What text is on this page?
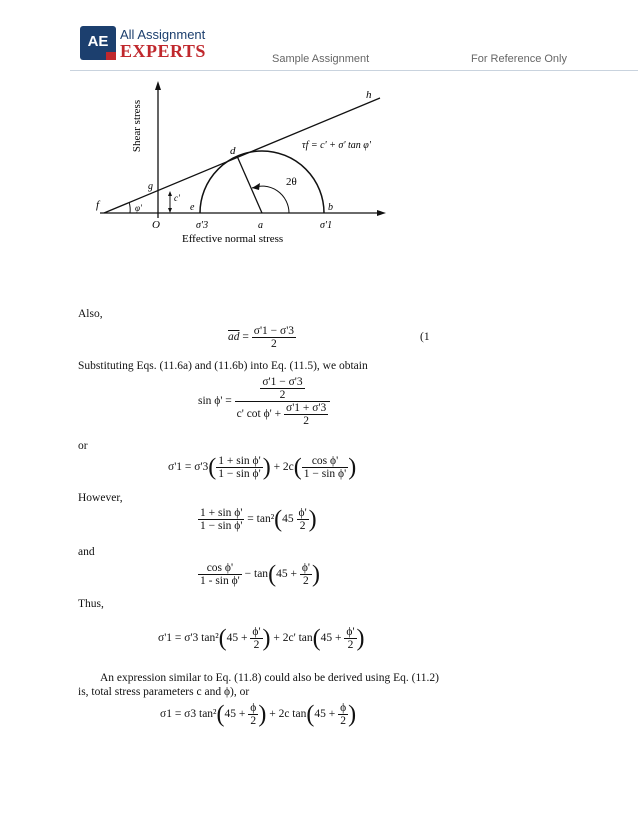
AE All Assignment
EXPERTS	Sample Assignment	For Reference Only
Shear stress
Effective normal stress
τf = c' + σ' tan φ'
2θ
O	σ'3	σ'1
φ'
c'
f
g
d
e
a
b
h
Also,
$\overline{ad} = \frac{\sigma'1 - \sigma'3}{2}$	(1
Substituting Eqs. (11.6a) and (11.6b) into Eq. (11.5), we obtain
$\sin \phi' = \frac{\frac{\sigma'1 - \sigma'3}{2}}{c' \cot \phi' + \frac{\sigma'1 + \sigma'3}{2}}$
or
$\sigma'1 = \sigma'3( \frac{\text{1 + sin ϕ'}}{\text{1 − sin ϕ'}}$ ) + $2c( \frac{\text{cos ϕ'}}{\text{1 − sin ϕ'}}$ )
However,
$\frac{\text{1 + sin ϕ'}}{\text{1 − sin ϕ'}} = \tan^2(45 \frac{\phi'}{2}$ )
and
$\frac{\text{cos ϕ'}}{\text{1 - sin ϕ'}} - \tan(45 + \frac{\phi'}{2}$ )
Thus,
σ'1 = σ'3 $\tan^2(45 + \frac{\phi'}{2}$ ) + 2c' $\tan(45 + \frac{\phi'}{2}$ )
An expression similar to Eq. (11.8) could also be derived using Eq. (11.2)
is, total stress parameters c and ϕ), or
σ1 = σ3 $\tan^2(45 + \frac{\phi}{2}$ ) + 2c $\tan(45 + \frac{\phi}{2}$ )
